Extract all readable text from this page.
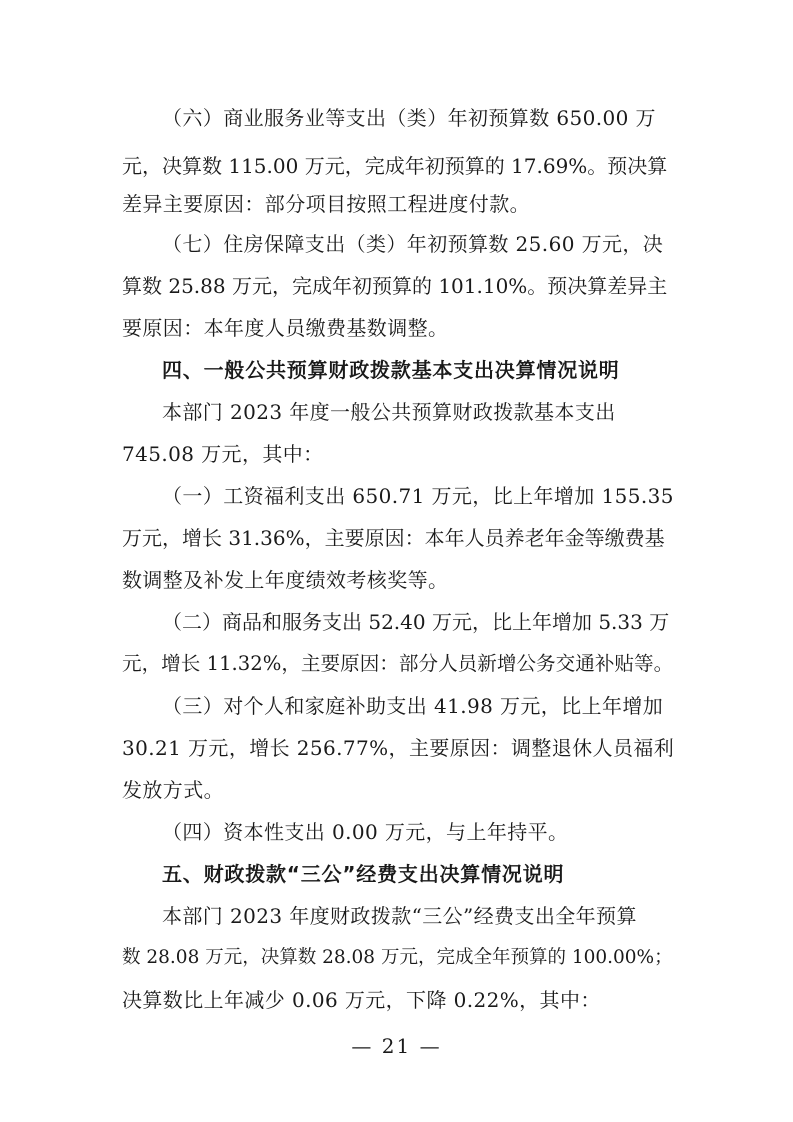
（六）商业服务业等支出（类）年初预算数 650.00 万
元，决算数 115.00 万元，完成年初预算的 17.69%。预决算
差异主要原因：部分项目按照工程进度付款。
（七）住房保障支出（类）年初预算数 25.60 万元，决
算数 25.88 万元，完成年初预算的 101.10%。预决算差异主
要原因：本年度人员缴费基数调整。
四、一般公共预算财政拨款基本支出决算情况说明
本部门 2023 年度一般公共预算财政拨款基本支出
745.08 万元，其中：
（一）工资福利支出 650.71 万元，比上年增加 155.35
万元，增长 31.36%，主要原因：本年人员养老年金等缴费基
数调整及补发上年度绩效考核奖等。
（二）商品和服务支出 52.40 万元，比上年增加 5.33 万
元，增长 11.32%，主要原因：部分人员新增公务交通补贴等。
（三）对个人和家庭补助支出 41.98 万元，比上年增加
30.21 万元，增长 256.77%，主要原因：调整退休人员福利
发放方式。
（四）资本性支出 0.00 万元，与上年持平。
五、财政拨款“三公”经费支出决算情况说明
本部门 2023 年度财政拨款“三公”经费支出全年预算
数 28.08 万元，决算数 28.08 万元，完成全年预算的 100.00%；
决算数比上年减少 0.06 万元，下降 0.22%，其中：
— 21 —
